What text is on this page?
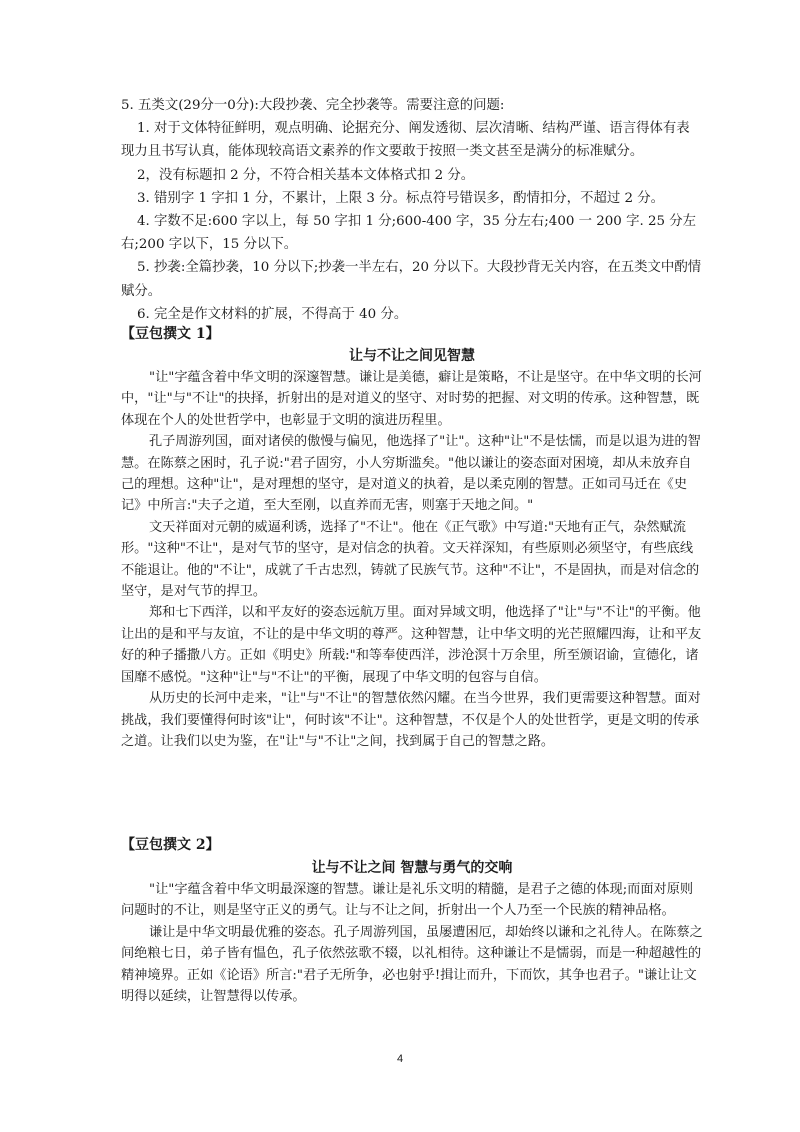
5. 五类文(29分一0分):大段抄袭、完全抄袭等。需要注意的问题:

1. 对于文体特征鲜明，观点明确、论据充分、阐发透彻、层次清晰、结构严谨、语言得体有表现力且书写认真，能体现较高语文素养的作文要敢于按照一类文甚至是满分的标准赋分。

2，没有标题扣 2 分，不符合相关基本文体格式扣 2 分。

3. 错别字 1 字扣 1 分，不累计，上限 3 分。标点符号错误多，酌情扣分，不超过 2 分。

4. 字数不足:600 字以上，每 50 字扣 1 分;600-400 字，35 分左右;400 一 200 字. 25 分左右;200 字以下，15 分以下。

5. 抄袭:全篇抄袭，10 分以下;抄袭一半左右，20 分以下。大段抄背无关内容，在五类文中酌情赋分。

6. 完全是作文材料的扩展，不得高于 40 分。

【豆包撰文 1】
让与不让之间见智慧

"让"字蕴含着中华文明的深邃智慧。谦让是美德，癖让是策略，不让是坚守。在中华文明的长河中，"让"与"不让"的抉择，折射出的是对道义的坚守、对时势的把握、对文明的传承。这种智慧，既体现在个人的处世哲学中，也彰显于文明的演进历程里。

孔子周游列国，面对诸侯的傲慢与偏见，他选择了"让"。这种"让"不是怯懦，而是以退为进的智慧。在陈蔡之困时，孔子说:"君子固穷，小人穷斯滥矣。"他以谦让的姿态面对困境，却从未放弃自己的理想。这种"让"，是对理想的坚守，是对道义的执着，是以柔克刚的智慧。正如司马迁在《史记》中所言:"夫子之道，至大至刚，以直养而无害，则塞于天地之间。"

文天祥面对元朝的威逼利诱，选择了"不让"。他在《正气歌》中写道:"天地有正气，杂然赋流形。"这种"不让"，是对气节的坚守，是对信念的执着。文天祥深知，有些原则必须坚守，有些底线不能退让。他的"不让"，成就了千古忠烈，铸就了民族气节。这种"不让"，不是固执，而是对信念的坚守，是对气节的捍卫。

郑和七下西洋，以和平友好的姿态远航万里。面对异域文明，他选择了"让"与"不让"的平衡。他让出的是和平与友谊，不让的是中华文明的尊严。这种智慧，让中华文明的光芒照耀四海，让和平友好的种子播撒八方。正如《明史》所载:"和等奉使西洋，涉沧溟十万余里，所至颁诏谕，宣德化，诸国靡不感悦。"这种"让"与"不让"的平衡，展现了中华文明的包容与自信。

从历史的长河中走来，"让"与"不让"的智慧依然闪耀。在当今世界，我们更需要这种智慧。面对挑战，我们要懂得何时该"让"，何时该"不让"。这种智慧，不仅是个人的处世哲学，更是文明的传承之道。让我们以史为鉴，在"让"与"不让"之间，找到属于自己的智慧之路。

【豆包撰文 2】
让与不让之间 智慧与勇气的交响

"让"字蕴含着中华文明最深邃的智慧。谦让是礼乐文明的精髓，是君子之德的体现;而面对原则问题时的不让，则是坚守正义的勇气。让与不让之间，折射出一个人乃至一个民族的精神品格。

谦让是中华文明最优雅的姿态。孔子周游列国，虽屡遭困厄，却始终以谦和之礼待人。在陈蔡之间绝粮七日，弟子皆有愠色，孔子依然弦歌不辍，以礼相待。这种谦让不是懦弱，而是一种超越性的精神境界。正如《论语》所言:"君子无所争，必也射乎!揖让而升，下而饮，其争也君子。"谦让让文明得以延续，让智慧得以传承。

4
